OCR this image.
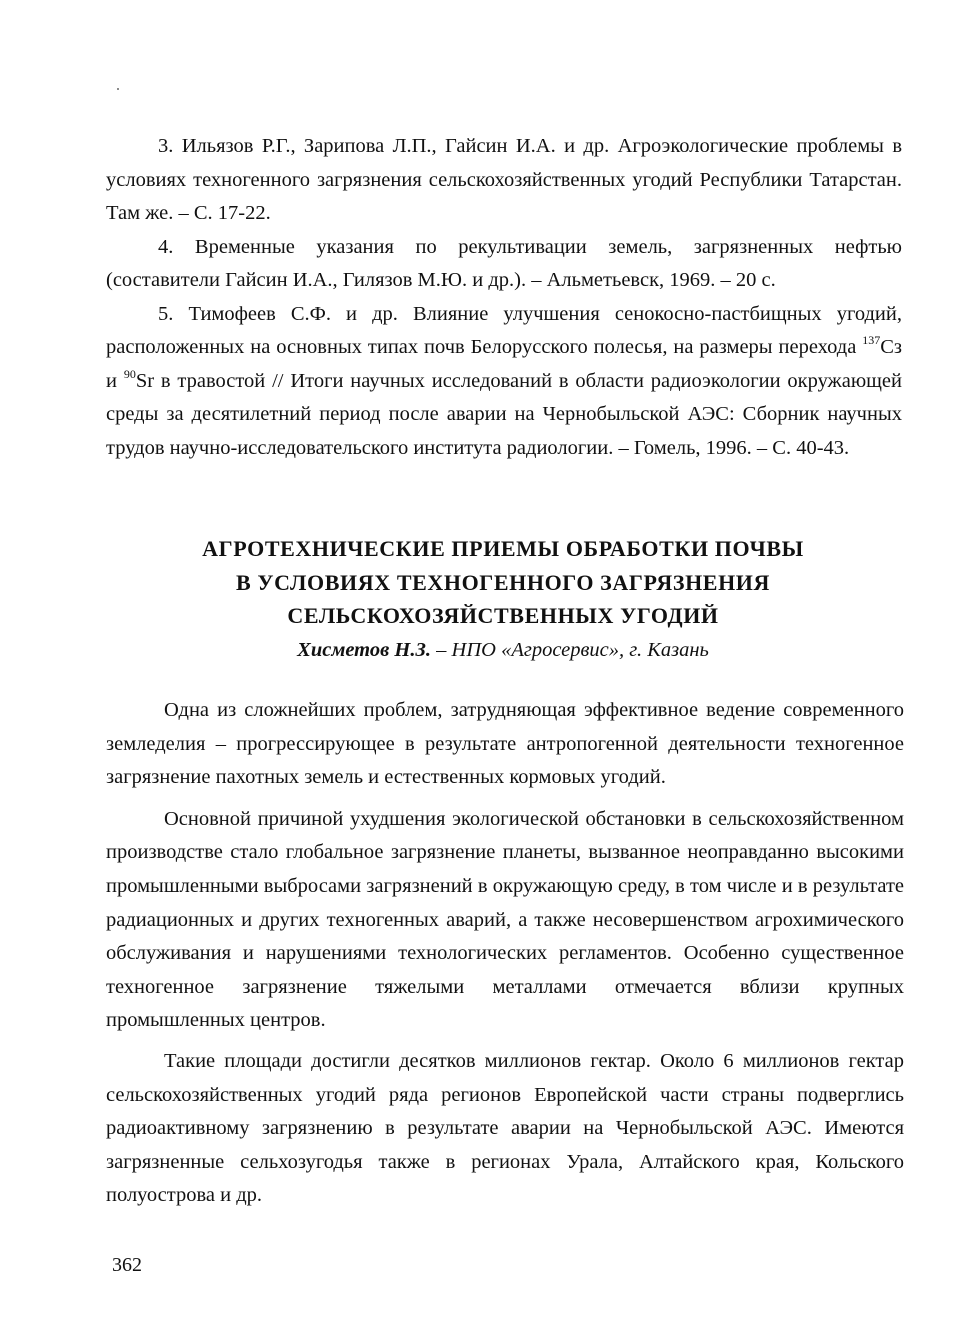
3. Ильязов Р.Г., Зарипова Л.П., Гайсин И.А. и др. Агроэкологические проблемы в условиях техногенного загрязнения сельскохозяйственных угодий Республики Татарстан. Там же. – С. 17-22.

4. Временные указания по рекультивации земель, загрязненных нефтью (составители Гайсин И.А., Гилязов М.Ю. и др.). – Альметьевск, 1969. – 20 с.

5. Тимофеев С.Ф. и др. Влияние улучшения сенокосно-пастбищных угодий, расположенных на основных типах почв Белорусского полесья, на размеры перехода $^{137}$Cз и $^{90}$Sr в травостой // Итоги научных исследований в области радиоэкологии окружающей среды за десятилетний период после аварии на Чернобыльской АЭС: Сборник научных трудов научно-исследовательского института радиологии. – Гомель, 1996. – С. 40-43.

АГРОТЕХНИЧЕСКИЕ ПРИЕМЫ ОБРАБОТКИ ПОЧВЫ
В УСЛОВИЯХ ТЕХНОГЕННОГО ЗАГРЯЗНЕНИЯ
СЕЛЬСКОХОЗЯЙСТВЕННЫХ УГОДИЙ

Хисметов Н.З. – НПО «Агросервис», г. Казань

Одна из сложнейших проблем, затрудняющая эффективное ведение современного земледелия – прогрессирующее в результате антропогенной деятельности техногенное загрязнение пахотных земель и естественных кормовых угодий.

Основной причиной ухудшения экологической обстановки в сельскохозяйственном производстве стало глобальное загрязнение планеты, вызванное неоправданно высокими промышленными выбросами загрязнений в окружающую среду, в том числе и в результате радиационных и других техногенных аварий, а также несовершенством агрохимического обслуживания и нарушениями технологических регламентов. Особенно существенное техногенное загрязнение тяжелыми металлами отмечается вблизи крупных промышленных центров.

Такие площади достигли десятков миллионов гектар. Около 6 миллионов гектар сельскохозяйственных угодий ряда регионов Европейской части страны подверглись радиоактивному загрязнению в результате аварии на Чернобыльской АЭС. Имеются загрязненные сельхозугодья также в регионах Урала, Алтайского края, Кольского полуострова и др.

362
